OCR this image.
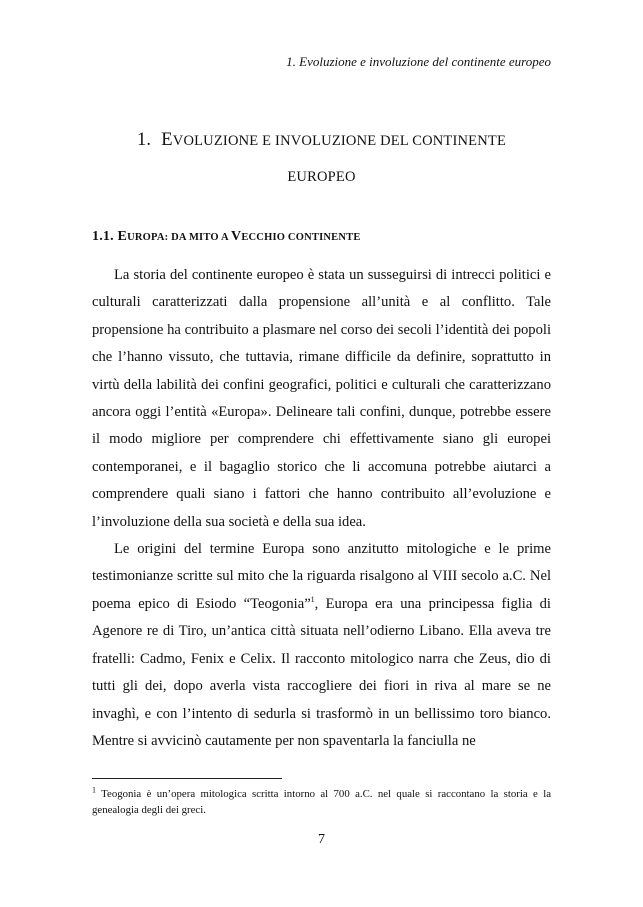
1. Evoluzione e involuzione del continente europeo
1. EVOLUZIONE E INVOLUZIONE DEL CONTINENTE
EUROPEO
1.1. EUROPA: DA MITO A VECCHIO CONTINENTE

La storia del continente europeo è stata un susseguirsi di intrecci politici e culturali caratterizzati dalla propensione all’unità e al conflitto. Tale propensione ha contribuito a plasmare nel corso dei secoli l’identità dei popoli che l’hanno vissuto, che tuttavia, rimane difficile da definire, soprattutto in virtù della labilità dei confini geografici, politici e culturali che caratterizzano ancora oggi l’entità «Europa». Delineare tali confini, dunque, potrebbe essere il modo migliore per comprendere chi effettivamente siano gli europei contemporanei, e il bagaglio storico che li accomuna potrebbe aiutarci a comprendere quali siano i fattori che hanno contribuito all’evoluzione e l’involuzione della sua società e della sua idea.

Le origini del termine Europa sono anzitutto mitologiche e le prime testimonianze scritte sul mito che la riguarda risalgono al VIII secolo a.C. Nel poema epico di Esiodo “Teogonia”$^1$, Europa era una principessa figlia di Agenore re di Tiro, un’antica città situata nell’odierno Libano. Ella aveva tre fratelli: Cadmo, Fenix e Celix. Il racconto mitologico narra che Zeus, dio di tutti gli dei, dopo averla vista raccogliere dei fiori in riva al mare se ne invaghì, e con l’intento di sedurla si trasformò in un bellissimo toro bianco. Mentre si avvicinò cautamente per non spaventarla la fanciulla ne

$^1$ Teogonia è un’opera mitologica scritta intorno al 700 a.C. nel quale si raccontano la storia e la genealogia degli dei greci.
7
